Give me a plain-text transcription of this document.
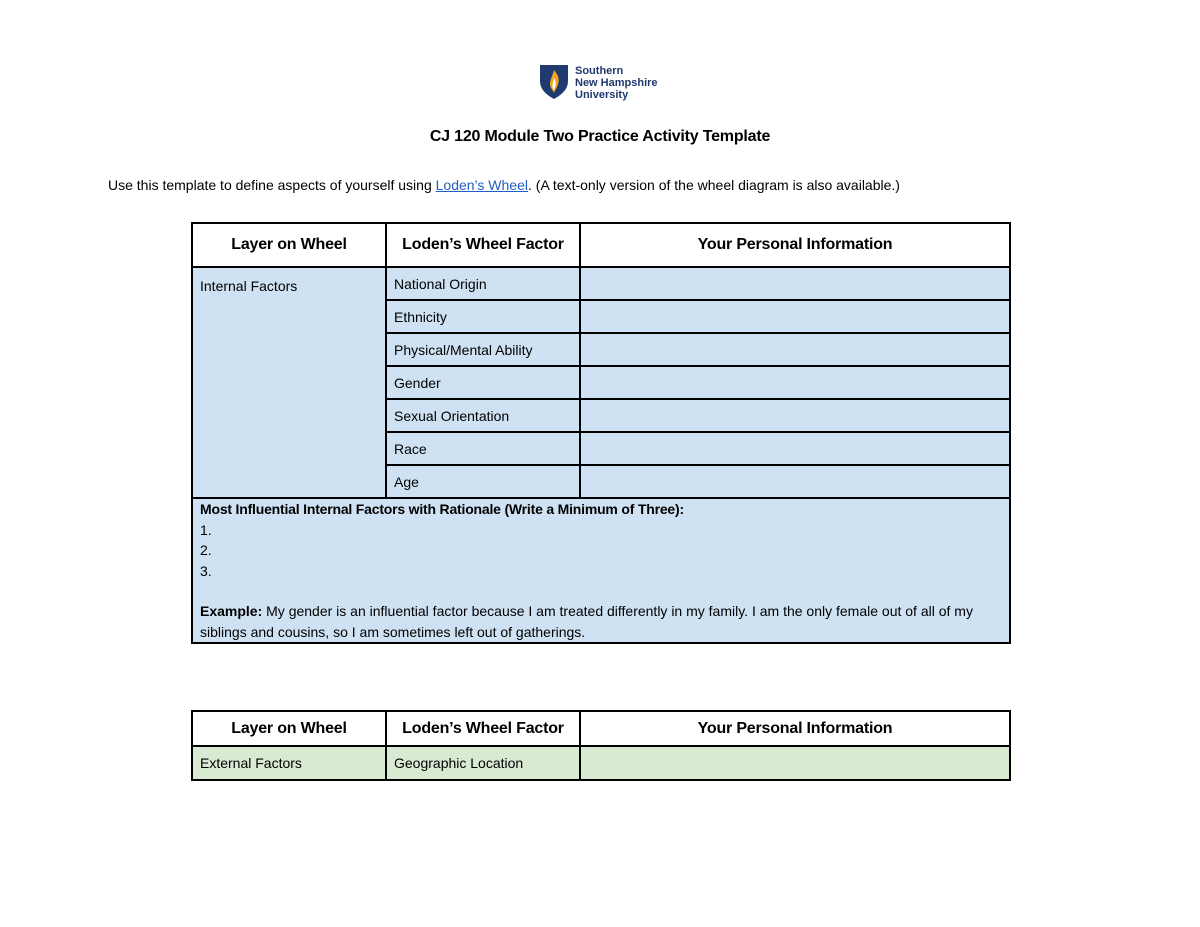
Southern
New Hampshire
University
CJ 120 Module Two Practice Activity Template
Use this template to define aspects of yourself using Loden’s Wheel. (A text-only version of the wheel diagram is also available.)
Layer on Wheel	Loden’s Wheel Factor	Your Personal Information
Internal Factors	National Origin	
	Ethnicity	
	Physical/Mental Ability	
	Gender	
	Sexual Orientation	
	Race	
	Age	

Most Influential Internal Factors with Rationale (Write a Minimum of Three):
1.
2.
3.
Example: My gender is an influential factor because I am treated differently in my family. I am the only female out of all of my siblings and cousins, so I am sometimes left out of gatherings.		
Layer on Wheel	Loden’s Wheel Factor	Your Personal Information
External Factors	Geographic Location	
